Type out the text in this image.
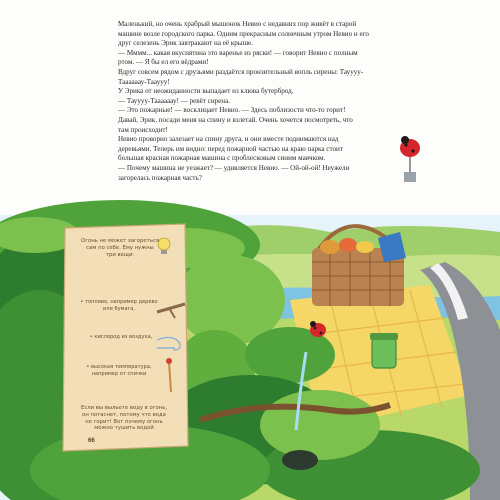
Маленький, но очень храбрый мышонок Невио с недавних пор живёт в старой

машине возле городского парка. Одним прекрасным солнечным утром Невио и его

друг селезень Эрик завтракают на её крыше.

— Мммм... какая вкуснятина это варенье из ряски! — говорит Невио с полным

ртом. — Я бы ел его вёдрами!

Вдруг совсем рядом с друзьями раздаётся пронзительный вопль сирены: Тауууу-

Таааааау-Тааууу!

У Эрика от неожиданности выпадает из клюва бутерброд.

— Тауууу-Таааааау! — ревёт сирена.

— Это пожарные! — восклицает Невио. — Здесь поблизости что-то горит!

Давай, Эрик, посади меня на спину и взлетай. Очень хочется посмотреть, что

там происходит!

Невио проворно залезает на спину друга, и они вместе поднимаются над

деревьями. Теперь им видно: перед пожарной частью на краю парка стоит

большая красная пожарная машина с проблесковым синим маячком.

— Почему машина не уезжает? — удивляется Невио. — Ой-ой-ой! Неужели

загорелась пожарная часть?

Огонь не может загореться
сам по себе. Ему нужны
три вещи:
• топливо, например дерево
или бумага,
• кислород из воздуха,
• высокая температура,
например от спички
Если вы выльете воду в огонь,
он потаснет, потому что вода
не горит! Вот почему огонь
можно тушить водой
66
